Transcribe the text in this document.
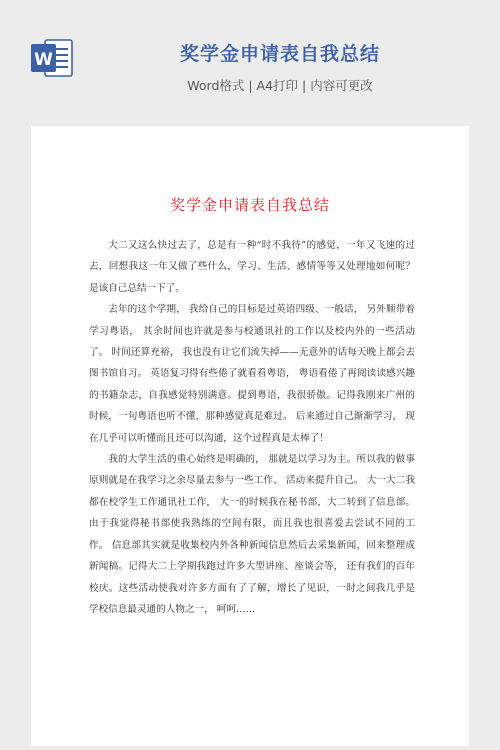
W	奖学金申请表自我总结
Word格式 | A4打印 | 内容可更改
奖学金申请表自我总结

大二又这么快过去了，总是有一种“时不我待”的感觉，一年又飞速的过去，回想我这一年又做了些什么，学习、生活、感情等等又处理地如何呢？是该自己总结一下了。

去年的这个学期， 我给自己的目标是过英语四级、一般话， 另外顺带着学习粤语， 其余时间也许就是参与校通讯社的工作以及校内外的一些活动了。 时间还算充裕， 我也没有让它们流失掉——无意外的话每天晚上都会去图书馆自习。 英语复习得有些倦了就看看粤语， 粤语看倦了再阅读读感兴趣的书籍杂志，自我感觉特别满意。提到粤语，我很骄傲。记得我刚来广州的时候，一句粤语也听不懂，那种感觉真是难过。 后来通过自己渐渐学习， 现在几乎可以听懂而且还可以沟通，这个过程真是太棒了！

我的大学生活的重心始终是明确的， 那就是以学习为主。所以我的做事原则就是在我学习之余尽量去参与一些工作、 活动来提升自己。 大一大二我都在校学生工作通讯社工作， 大一的时候我在秘书部，大二转到了信息部。由于我觉得秘书部使我熟练的空间有限，而且我也很喜爱去尝试不同的工作。 信息部其实就是收集校内外各种新闻信息然后去采集新闻，回来整理成新闻稿。记得大二上学期我跑过许多大型讲座、座谈会等， 还有我们的百年校庆。这些活动使我对许多方面有了了解，增长了见识，一时之间我几乎是学校信息最灵通的人物之一， 呵呵……
